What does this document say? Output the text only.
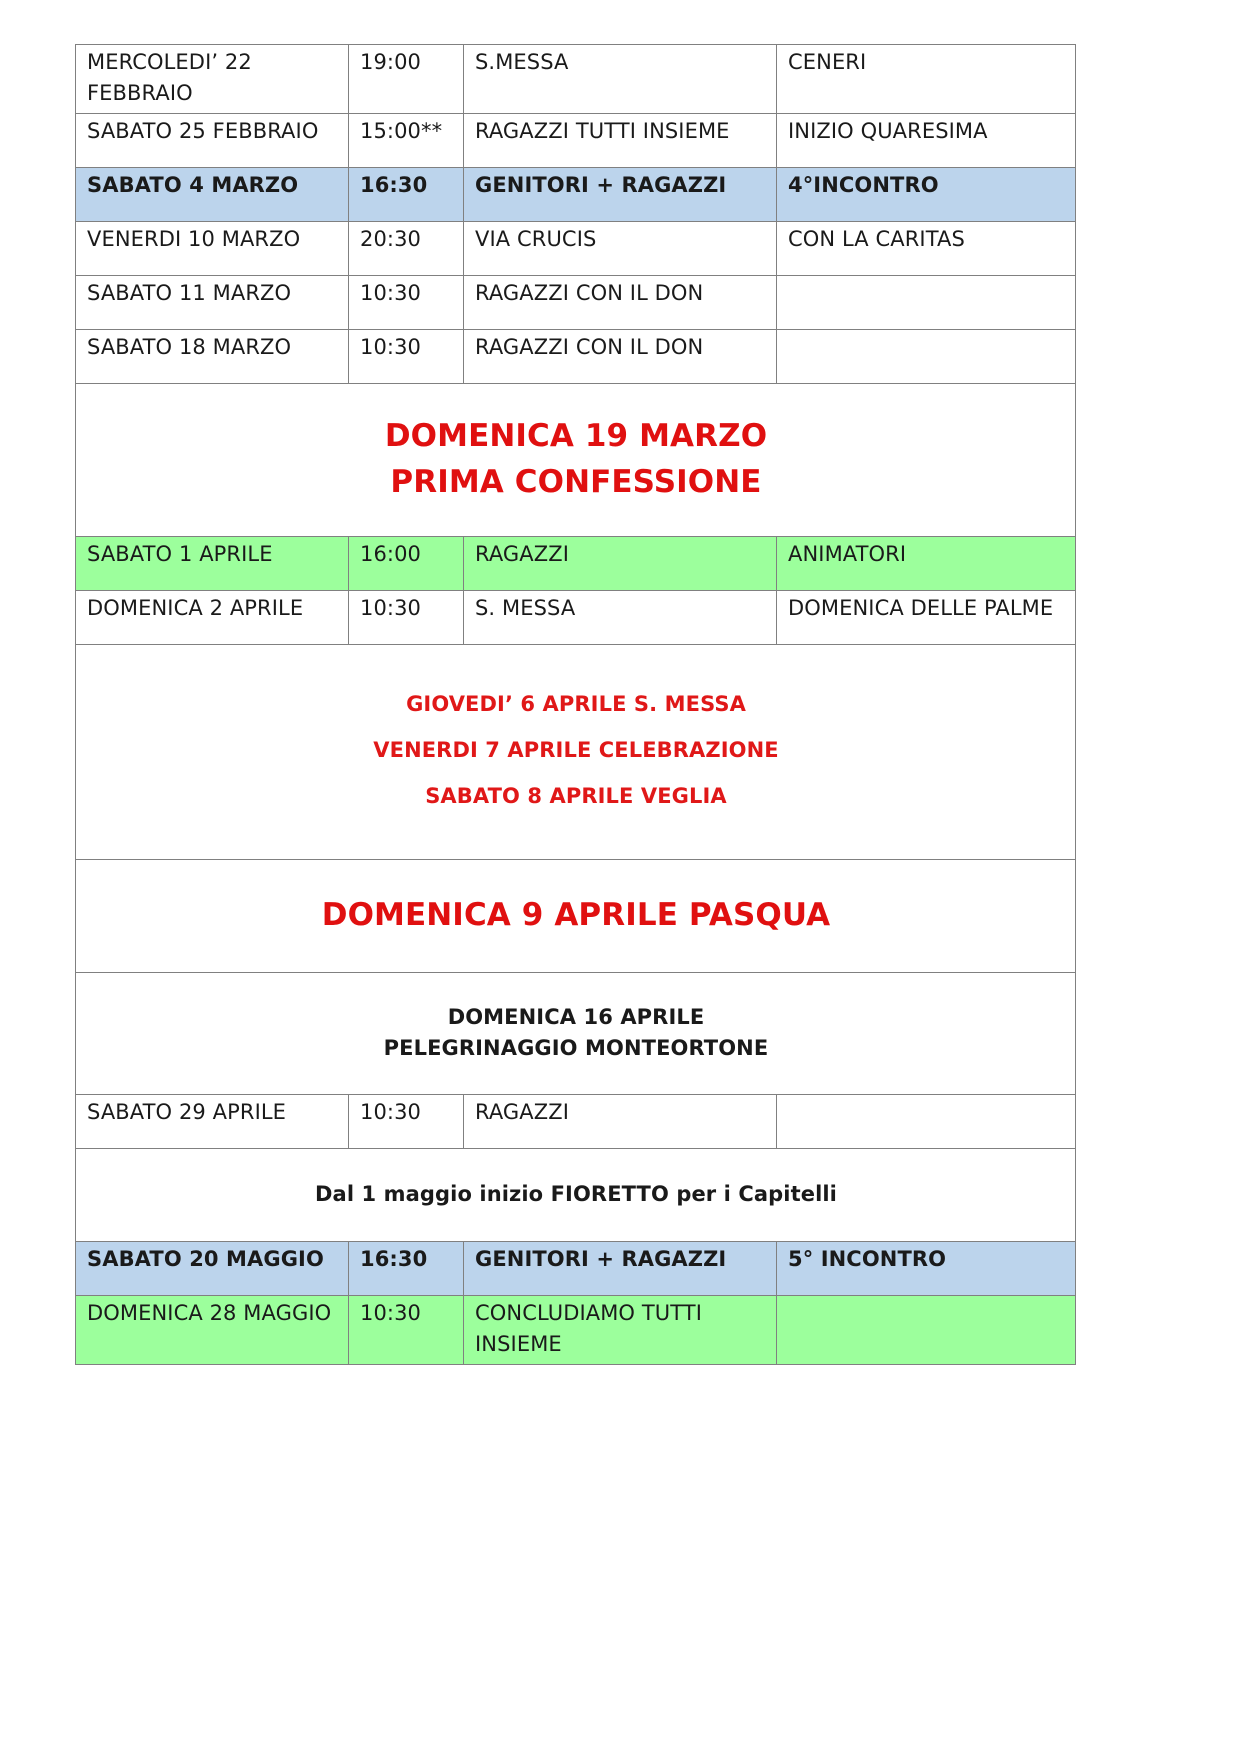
MERCOLEDI’ 22 FEBBRAIO	19:00	S.MESSA	CENERI
SABATO 25 FEBBRAIO	15:00**	RAGAZZI TUTTI INSIEME	INIZIO QUARESIMA
SABATO 4 MARZO	16:30	GENITORI + RAGAZZI	4°INCONTRO
VENERDI 10 MARZO	20:30	VIA CRUCIS	CON LA CARITAS
SABATO 11 MARZO	10:30	RAGAZZI CON IL DON	
SABATO 18 MARZO	10:30	RAGAZZI CON IL DON	

DOMENICA 19 MARZO
PRIMA CONFESSIONE			

SABATO 1 APRILE	16:00	RAGAZZI	ANIMATORI
DOMENICA 2 APRILE	10:30	S. MESSA	DOMENICA DELLE PALME

GIOVEDI’ 6 APRILE S. MESSA
VENERDI 7 APRILE CELEBRAZIONE
SABATO 8 APRILE VEGLIA			

DOMENICA 9 APRILE PASQUA			

DOMENICA 16 APRILE
PELEGRINAGGIO MONTEORTONE			

SABATO 29 APRILE	10:30	RAGAZZI	

Dal 1 maggio inizio FIORETTO per i Capitelli			

SABATO 20 MAGGIO	16:30	GENITORI + RAGAZZI	5° INCONTRO
DOMENICA 28 MAGGIO	10:30	CONCLUDIAMO TUTTI INSIEME	
